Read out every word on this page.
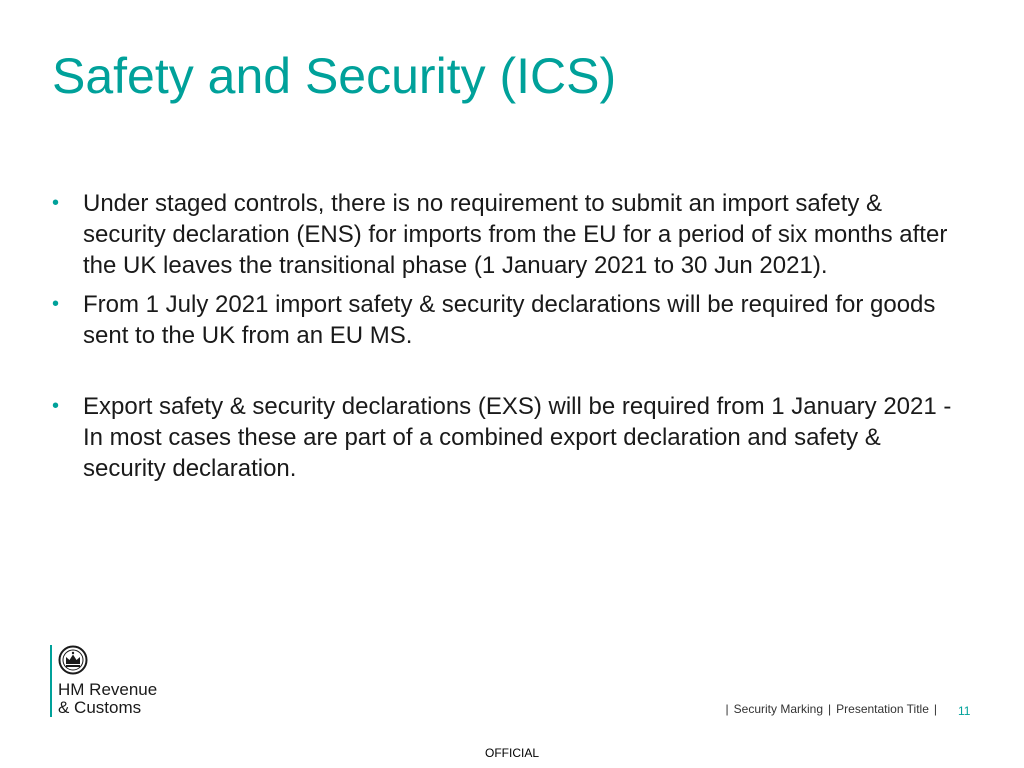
Safety and Security (ICS)
• Under staged controls, there is no requirement to submit an import safety & security declaration (ENS) for imports from the EU for a period of six months after the UK leaves the transitional phase (1 January 2021 to 30 Jun 2021).
• From 1 July 2021 import safety & security declarations will be required for goods sent to the UK from an EU MS.
• Export safety & security declarations (EXS) will be required from 1 January 2021 - In most cases these are part of a combined export declaration and safety & security declaration.
HM Revenue
& Customs	| Security Marking | Presentation Title |	11
OFFICIAL
